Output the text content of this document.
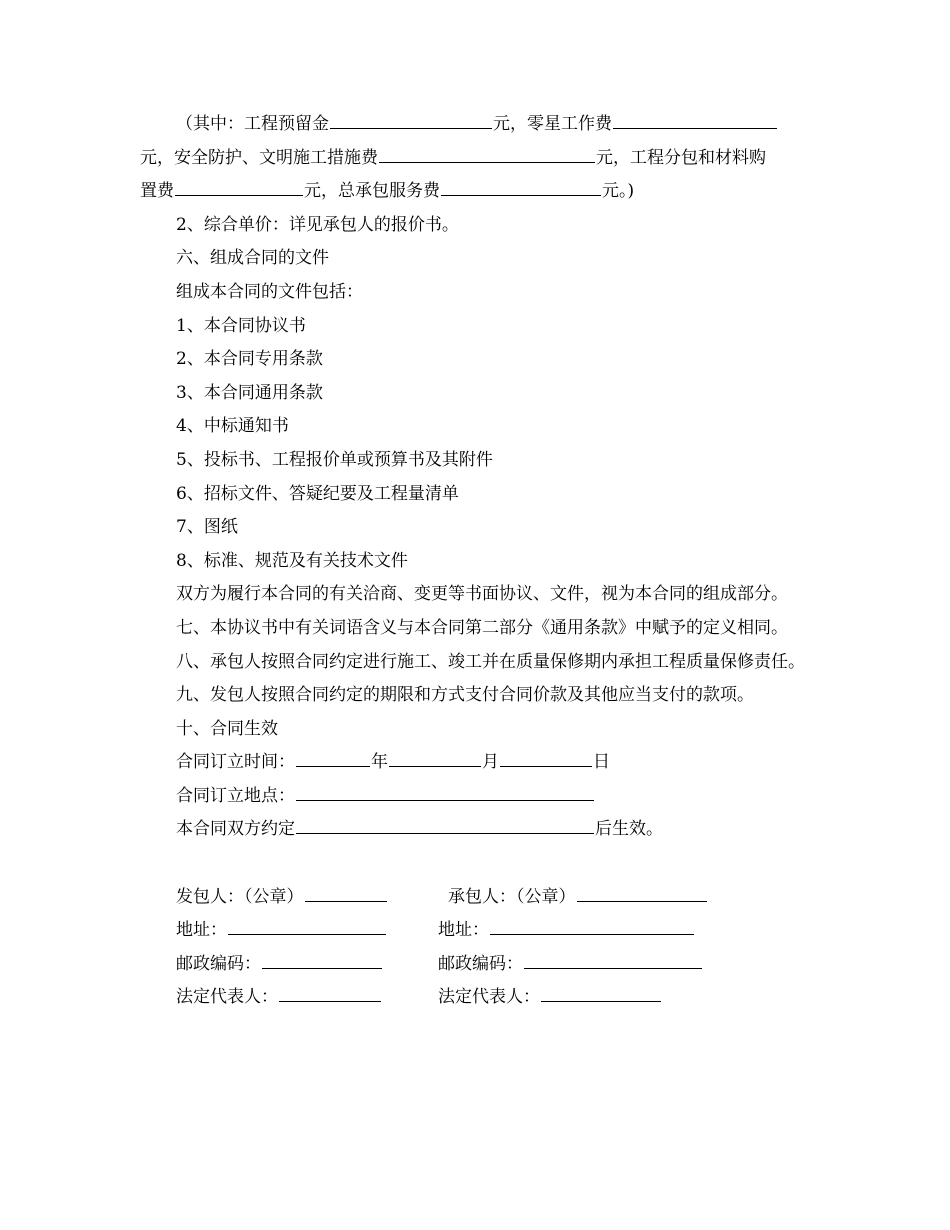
（其中：工程预留金	元，零星工作费
元，安全防护、文明施工措施费	元，工程分包和材料购
置费	元，总承包服务费	元。)

2、综合单价：详见承包人的报价书。

六、组成合同的文件

组成本合同的文件包括：

1、本合同协议书

2、本合同专用条款

3、本合同通用条款

4、中标通知书

5、投标书、工程报价单或预算书及其附件

6、招标文件、答疑纪要及工程量清单

7、图纸

8、标准、规范及有关技术文件

双方为履行本合同的有关洽商、变更等书面协议、文件，视为本合同的组成部分。

七、本协议书中有关词语含义与本合同第二部分《通用条款》中赋予的定义相同。

八、承包人按照合同约定进行施工、竣工并在质量保修期内承担工程质量保修责任。

九、发包人按照合同约定的期限和方式支付合同价款及其他应当支付的款项。

十、合同生效

合同订立时间：	年	月	日

合同订立地点：

本合同双方约定	后生效。

发包人：（公章）	承包人：（公章）
地址：	地址：
邮政编码：	邮政编码：
法定代表人：	法定代表人：
